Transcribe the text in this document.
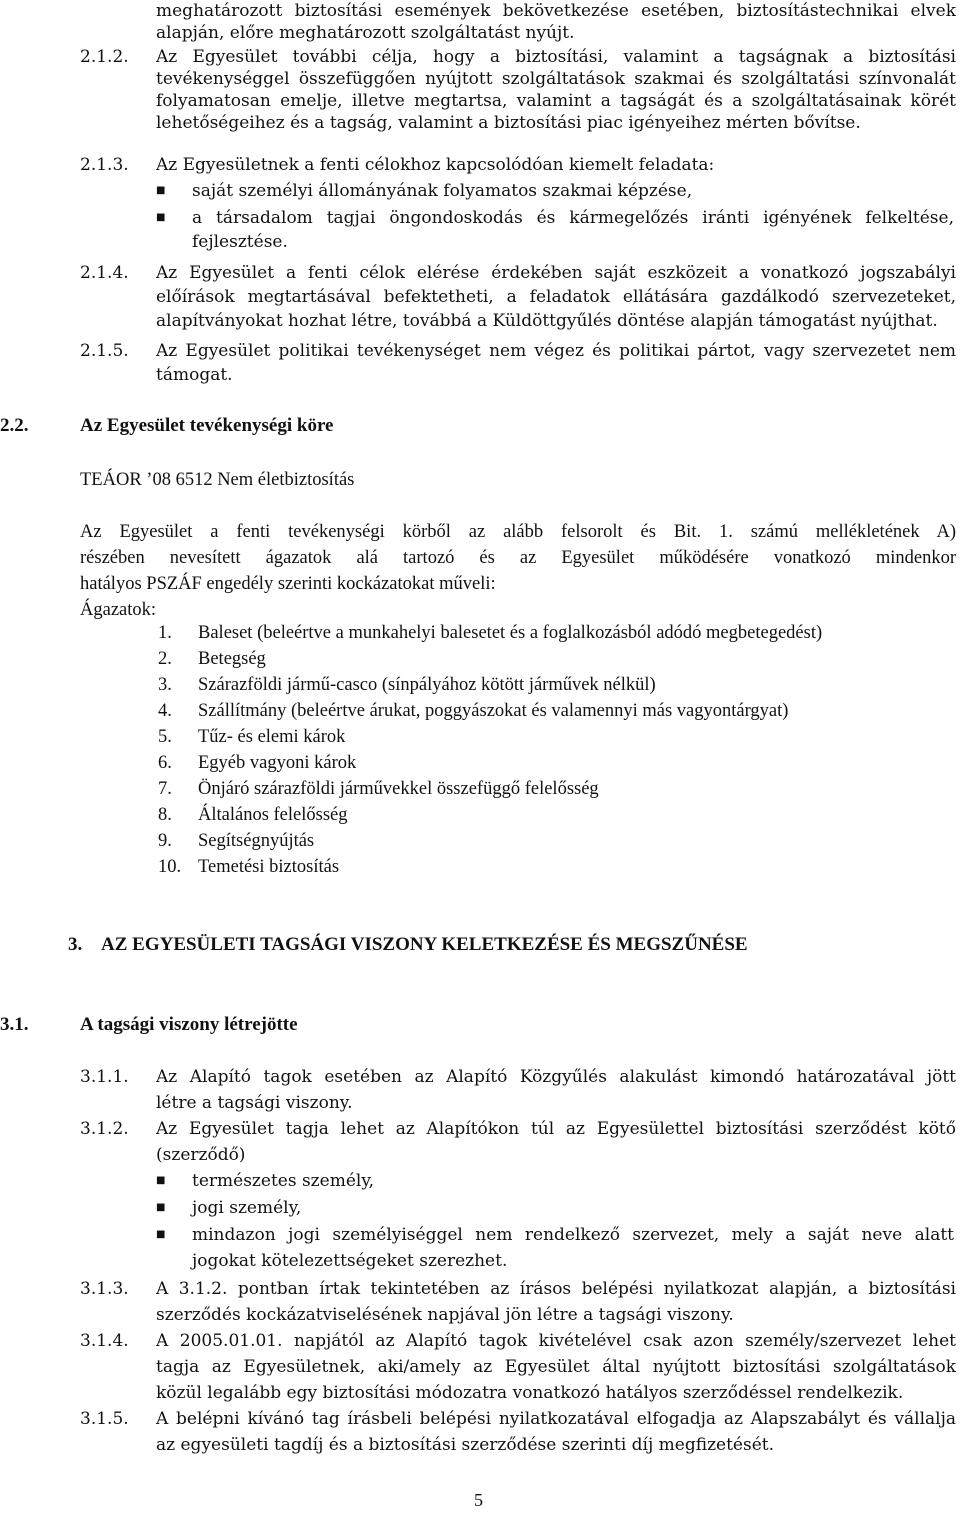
meghatározott biztosítási események bekövetkezése esetében, biztosítástechnikai elvek
alapján, előre meghatározott szolgáltatást nyújt.
2.1.2. Az Egyesület további célja, hogy a biztosítási, valamint a tagságnak a biztosítási
tevékenységgel összefüggően nyújtott szolgáltatások szakmai és szolgáltatási színvonalát
folyamatosan emelje, illetve megtartsa, valamint a tagságát és a szolgáltatásainak körét
lehetőségeihez és a tagság, valamint a biztosítási piac igényeihez mérten bővítse.
2.1.3. Az Egyesületnek a fenti célokhoz kapcsolódóan kiemelt feladata:
■ saját személyi állományának folyamatos szakmai képzése,
■ a társadalom tagjai öngondoskodás és kármegelőzés iránti igényének felkeltése,
fejlesztése.
2.1.4. Az Egyesület a fenti célok elérése érdekében saját eszközeit a vonatkozó jogszabályi
előírások megtartásával befektetheti, a feladatok ellátására gazdálkodó szervezeteket,
alapítványokat hozhat létre, továbbá a Küldöttgyűlés döntése alapján támogatást nyújthat.
2.1.5. Az Egyesület politikai tevékenységet nem végez és politikai pártot, vagy szervezetet nem
támogat.
2.2.	Az Egyesület tevékenységi köre
TEÁOR ’08 6512 Nem életbiztosítás
Az Egyesület a fenti tevékenységi körből az alább felsorolt és Bit. 1. számú mellékletének A)
részében nevesített ágazatok alá tartozó és az Egyesület működésére vonatkozó mindenkor
hatályos PSZÁF engedély szerinti kockázatokat műveli:
Ágazatok:
1. Baleset (beleértve a munkahelyi balesetet és a foglalkozásból adódó megbetegedést)
2. Betegség
3. Szárazföldi jármű-casco (sínpályához kötött járművek nélkül)
4. Szállítmány (beleértve árukat, poggyászokat és valamennyi más vagyontárgyat)
5. Tűz- és elemi károk
6. Egyéb vagyoni károk
7. Önjáró szárazföldi járművekkel összefüggő felelősség
8. Általános felelősség
9. Segítségnyújtás
10. Temetési biztosítás
3. AZ EGYESÜLETI TAGSÁGI VISZONY KELETKEZÉSE ÉS MEGSZŰNÉSE
3.1.	A tagsági viszony létrejötte
3.1.1. Az Alapító tagok esetében az Alapító Közgyűlés alakulást kimondó határozatával jött
létre a tagsági viszony.
3.1.2. Az Egyesület tagja lehet az Alapítókon túl az Egyesülettel biztosítási szerződést kötő
(szerződő)
■ természetes személy,
■ jogi személy,
■ mindazon jogi személyiséggel nem rendelkező szervezet, mely a saját neve alatt
jogokat kötelezettségeket szerezhet.
3.1.3. A 3.1.2. pontban írtak tekintetében az írásos belépési nyilatkozat alapján, a biztosítási
szerződés kockázatviselésének napjával jön létre a tagsági viszony.
3.1.4. A 2005.01.01. napjától az Alapító tagok kivételével csak azon személy/szervezet lehet
tagja az Egyesületnek, aki/amely az Egyesület által nyújtott biztosítási szolgáltatások
közül legalább egy biztosítási módozatra vonatkozó hatályos szerződéssel rendelkezik.
3.1.5. A belépni kívánó tag írásbeli belépési nyilatkozatával elfogadja az Alapszabályt és vállalja
az egyesületi tagdíj és a biztosítási szerződése szerinti díj megfizetését.
5
